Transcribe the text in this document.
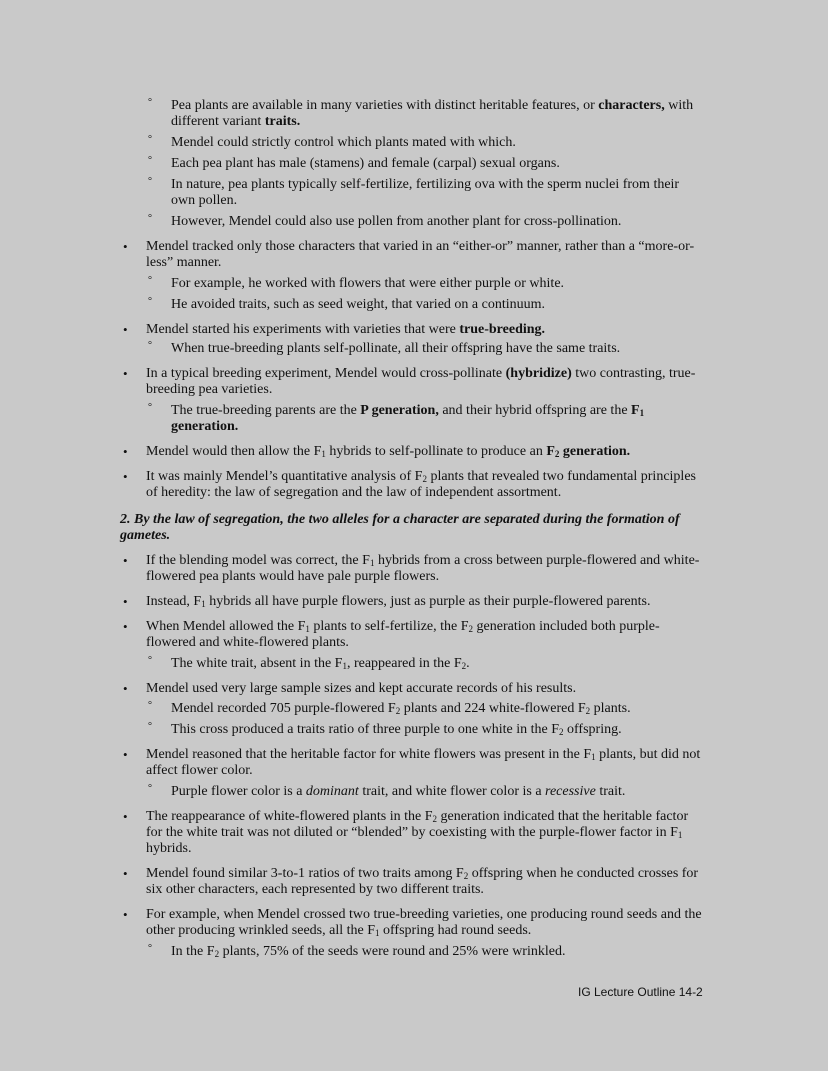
° Pea plants are available in many varieties with distinct heritable features, or characters, with different variant traits.
° Mendel could strictly control which plants mated with which.
° Each pea plant has male (stamens) and female (carpal) sexual organs.
° In nature, pea plants typically self-fertilize, fertilizing ova with the sperm nuclei from their own pollen.
° However, Mendel could also use pollen from another plant for cross-pollination.
• Mendel tracked only those characters that varied in an “either-or” manner, rather than a “more-or-less” manner.
° For example, he worked with flowers that were either purple or white.
° He avoided traits, such as seed weight, that varied on a continuum.
• Mendel started his experiments with varieties that were true-breeding.
° When true-breeding plants self-pollinate, all their offspring have the same traits.
• In a typical breeding experiment, Mendel would cross-pollinate (hybridize) two contrasting, true-breeding pea varieties.
° The true-breeding parents are the P generation, and their hybrid offspring are the $F_1$
generation.
• Mendel would then allow the $F_1$ hybrids to self-pollinate to produce an $F_2$ generation.
• It was mainly Mendel’s quantitative analysis of $F_2$ plants that revealed two fundamental principles of heredity: the law of segregation and the law of independent assortment.
2. By the law of segregation, the two alleles for a character are separated during the formation of gametes.
• If the blending model was correct, the $F_1$ hybrids from a cross between purple-flowered and white-flowered pea plants would have pale purple flowers.
• Instead, $F_1$ hybrids all have purple flowers, just as purple as their purple-flowered parents.
• When Mendel allowed the $F_1$ plants to self-fertilize, the $F_2$ generation included both purple-flowered and white-flowered plants.
° The white trait, absent in the $F_1$, reappeared in the $F_2$.
• Mendel used very large sample sizes and kept accurate records of his results.
° Mendel recorded 705 purple-flowered $F_2$ plants and 224 white-flowered $F_2$ plants.
° This cross produced a traits ratio of three purple to one white in the $F_2$ offspring.
• Mendel reasoned that the heritable factor for white flowers was present in the $F_1$ plants, but did not affect flower color.
° Purple flower color is a dominant trait, and white flower color is a recessive trait.
• The reappearance of white-flowered plants in the $F_2$ generation indicated that the heritable factor for the white trait was not diluted or “blended” by coexisting with the purple-flower factor in $F_1$ hybrids.
• Mendel found similar 3-to-1 ratios of two traits among $F_2$ offspring when he conducted crosses for six other characters, each represented by two different traits.
• For example, when Mendel crossed two true-breeding varieties, one producing round seeds and the other producing wrinkled seeds, all the $F_1$ offspring had round seeds.
° In the $F_2$ plants, 75% of the seeds were round and 25% were wrinkled.
IG Lecture Outline 14-2
